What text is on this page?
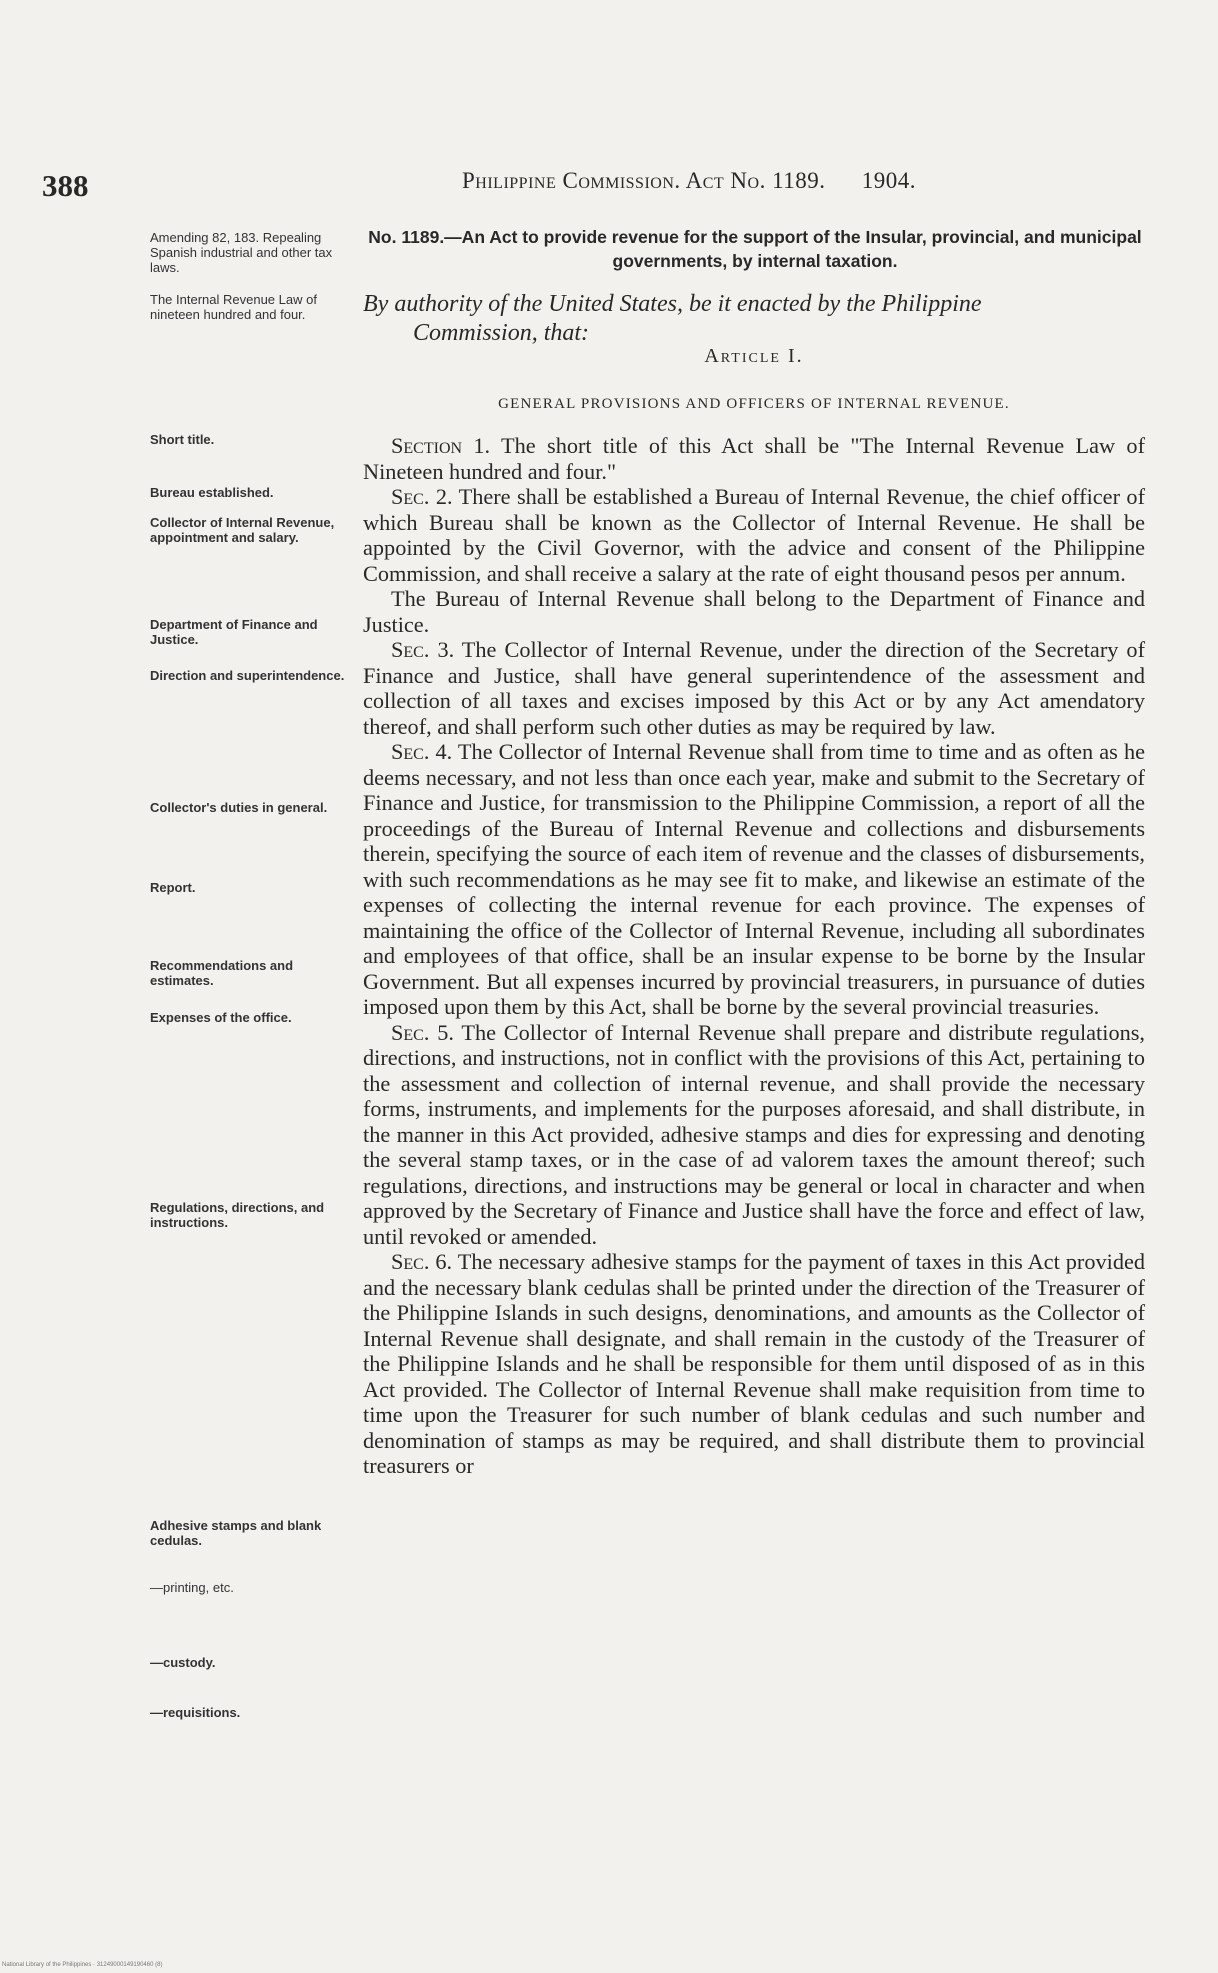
388	Philippine Commission. Act No. 1189. 1904.
Amending 82, 183. Repealing Spanish industrial and other tax laws.
The Internal Revenue Law of nineteen hundred and four.
Short title.
Bureau established.
Collector of Internal Revenue, appointment and salary.
Department of Finance and Justice.
Direction and superintendence.
Collector's duties in general.
Report.
Recommendations and estimates.
Expenses of the office.
Regulations, directions, and instructions.
Adhesive stamps and blank cedulas.
—printing, etc.
—custody.
—requisitions.
No. 1189.—An Act to provide revenue for the support of the Insular, provincial, and municipal governments, by internal taxation.
By authority of the United States, be it enacted by the Philippine
Commission, that:
Article I.
GENERAL PROVISIONS AND OFFICERS OF INTERNAL REVENUE.

Section 1. The short title of this Act shall be "The Internal Revenue Law of Nineteen hundred and four."

Sec. 2. There shall be established a Bureau of Internal Revenue, the chief officer of which Bureau shall be known as the Collector of Internal Revenue. He shall be appointed by the Civil Governor, with the advice and consent of the Philippine Commission, and shall receive a salary at the rate of eight thousand pesos per annum.

The Bureau of Internal Revenue shall belong to the Department of Finance and Justice.

Sec. 3. The Collector of Internal Revenue, under the direction of the Secretary of Finance and Justice, shall have general superintendence of the assessment and collection of all taxes and excises imposed by this Act or by any Act amendatory thereof, and shall perform such other duties as may be required by law.

Sec. 4. The Collector of Internal Revenue shall from time to time and as often as he deems necessary, and not less than once each year, make and submit to the Secretary of Finance and Justice, for transmission to the Philippine Commission, a report of all the proceedings of the Bureau of Internal Revenue and collections and disbursements therein, specifying the source of each item of revenue and the classes of disbursements, with such recommendations as he may see fit to make, and likewise an estimate of the expenses of collecting the internal revenue for each province. The expenses of maintaining the office of the Collector of Internal Revenue, including all subordinates and employees of that office, shall be an insular expense to be borne by the Insular Government. But all expenses incurred by provincial treasurers, in pursuance of duties imposed upon them by this Act, shall be borne by the several provincial treasuries.

Sec. 5. The Collector of Internal Revenue shall prepare and distribute regulations, directions, and instructions, not in conflict with the provisions of this Act, pertaining to the assessment and collection of internal revenue, and shall provide the necessary forms, instruments, and implements for the purposes aforesaid, and shall distribute, in the manner in this Act provided, adhesive stamps and dies for expressing and denoting the several stamp taxes, or in the case of ad valorem taxes the amount thereof; such regulations, directions, and instructions may be general or local in character and when approved by the Secretary of Finance and Justice shall have the force and effect of law, until revoked or amended.

Sec. 6. The necessary adhesive stamps for the payment of taxes in this Act provided and the necessary blank cedulas shall be printed under the direction of the Treasurer of the Philippine Islands in such designs, denominations, and amounts as the Collector of Internal Revenue shall designate, and shall remain in the custody of the Treasurer of the Philippine Islands and he shall be responsible for them until disposed of as in this Act provided. The Collector of Internal Revenue shall make requisition from time to time upon the Treasurer for such number of blank cedulas and such number and denomination of stamps as may be required, and shall distribute them to provincial treasurers or

National Library of the Philippines · 31249000149190460 (8)
